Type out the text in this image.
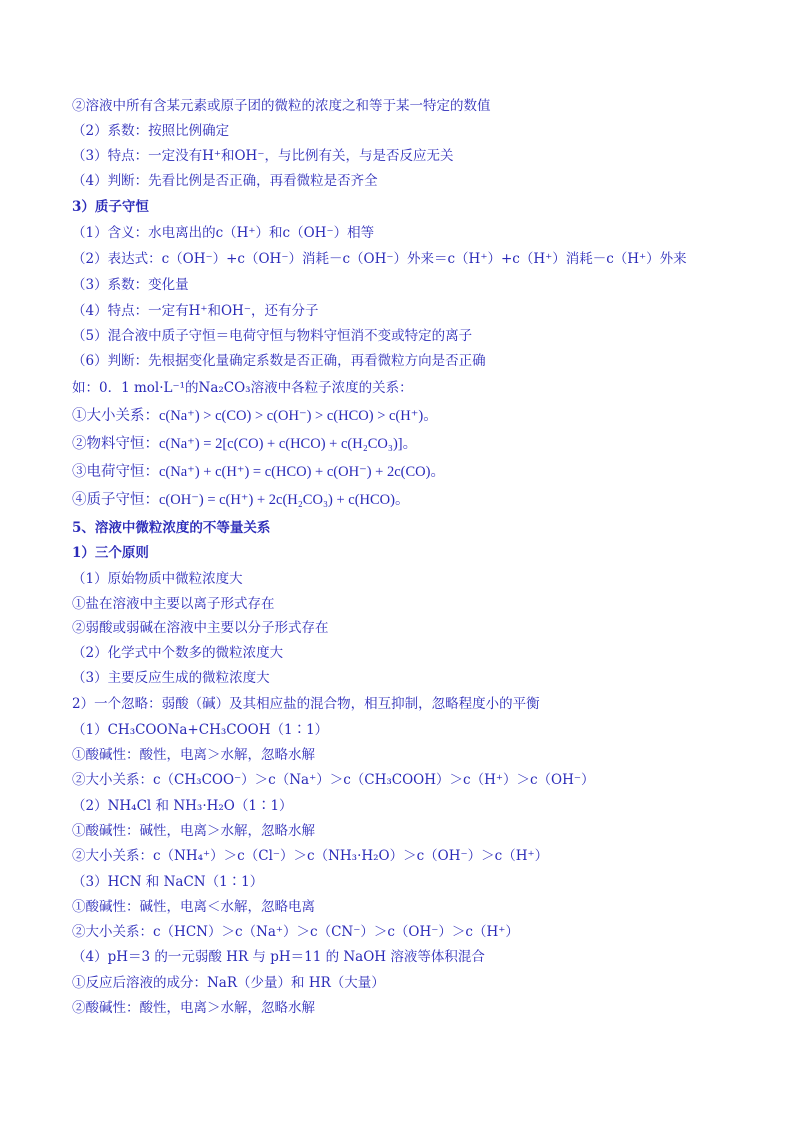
②溶液中所有含某元素或原子团的微粒的浓度之和等于某一特定的数值
（2）系数：按照比例确定
（3）特点：一定没有H⁺和OH⁻，与比例有关，与是否反应无关
（4）判断：先看比例是否正确，再看微粒是否齐全
3）质子守恒
（1）含义：水电离出的c（H⁺）和c（OH⁻）相等
（2）表达式：c（OH⁻）+c（OH⁻）消耗－c（OH⁻）外来＝c（H⁺）+c（H⁺）消耗－c（H⁺）外来
（3）系数：变化量
（4）特点：一定有H⁺和OH⁻，还有分子
（5）混合液中质子守恒＝电荷守恒与物料守恒消不变或特定的离子
（6）判断：先根据变化量确定系数是否正确，再看微粒方向是否正确
如：0．1 mol·L⁻¹的Na₂CO₃溶液中各粒子浓度的关系：
①大小关系：c(Na⁺) > c(CO) > c(OH⁻) > c(HCO) > c(H⁺)。
②物料守恒：c(Na⁺) = 2[c(CO) + c(HCO) + c(H₂CO₃)]。
③电荷守恒：c(Na⁺) + c(H⁺) = c(HCO) + c(OH⁻) + 2c(CO)。
④质子守恒：c(OH⁻) = c(H⁺) + 2c(H₂CO₃) + c(HCO)。
5、溶液中微粒浓度的不等量关系
1）三个原则
（1）原始物质中微粒浓度大
①盐在溶液中主要以离子形式存在
②弱酸或弱碱在溶液中主要以分子形式存在
（2）化学式中个数多的微粒浓度大
（3）主要反应生成的微粒浓度大
2）一个忽略：弱酸（碱）及其相应盐的混合物，相互抑制，忽略程度小的平衡
（1）CH₃COONa+CH₃COOH（1∶1）
①酸碱性：酸性，电离＞水解，忽略水解
②大小关系：c（CH₃COO⁻）＞c（Na⁺）＞c（CH₃COOH）＞c（H⁺）＞c（OH⁻）
（2）NH₄Cl 和 NH₃·H₂O（1∶1）
①酸碱性：碱性，电离＞水解，忽略水解
②大小关系：c（NH₄⁺）＞c（Cl⁻）＞c（NH₃·H₂O）＞c（OH⁻）＞c（H⁺）
（3）HCN 和 NaCN（1∶1）
①酸碱性：碱性，电离＜水解，忽略电离
②大小关系：c（HCN）＞c（Na⁺）＞c（CN⁻）＞c（OH⁻）＞c（H⁺）
（4）pH＝3 的一元弱酸 HR 与 pH＝11 的 NaOH 溶液等体积混合
①反应后溶液的成分：NaR（少量）和 HR（大量）
②酸碱性：酸性，电离＞水解，忽略水解
